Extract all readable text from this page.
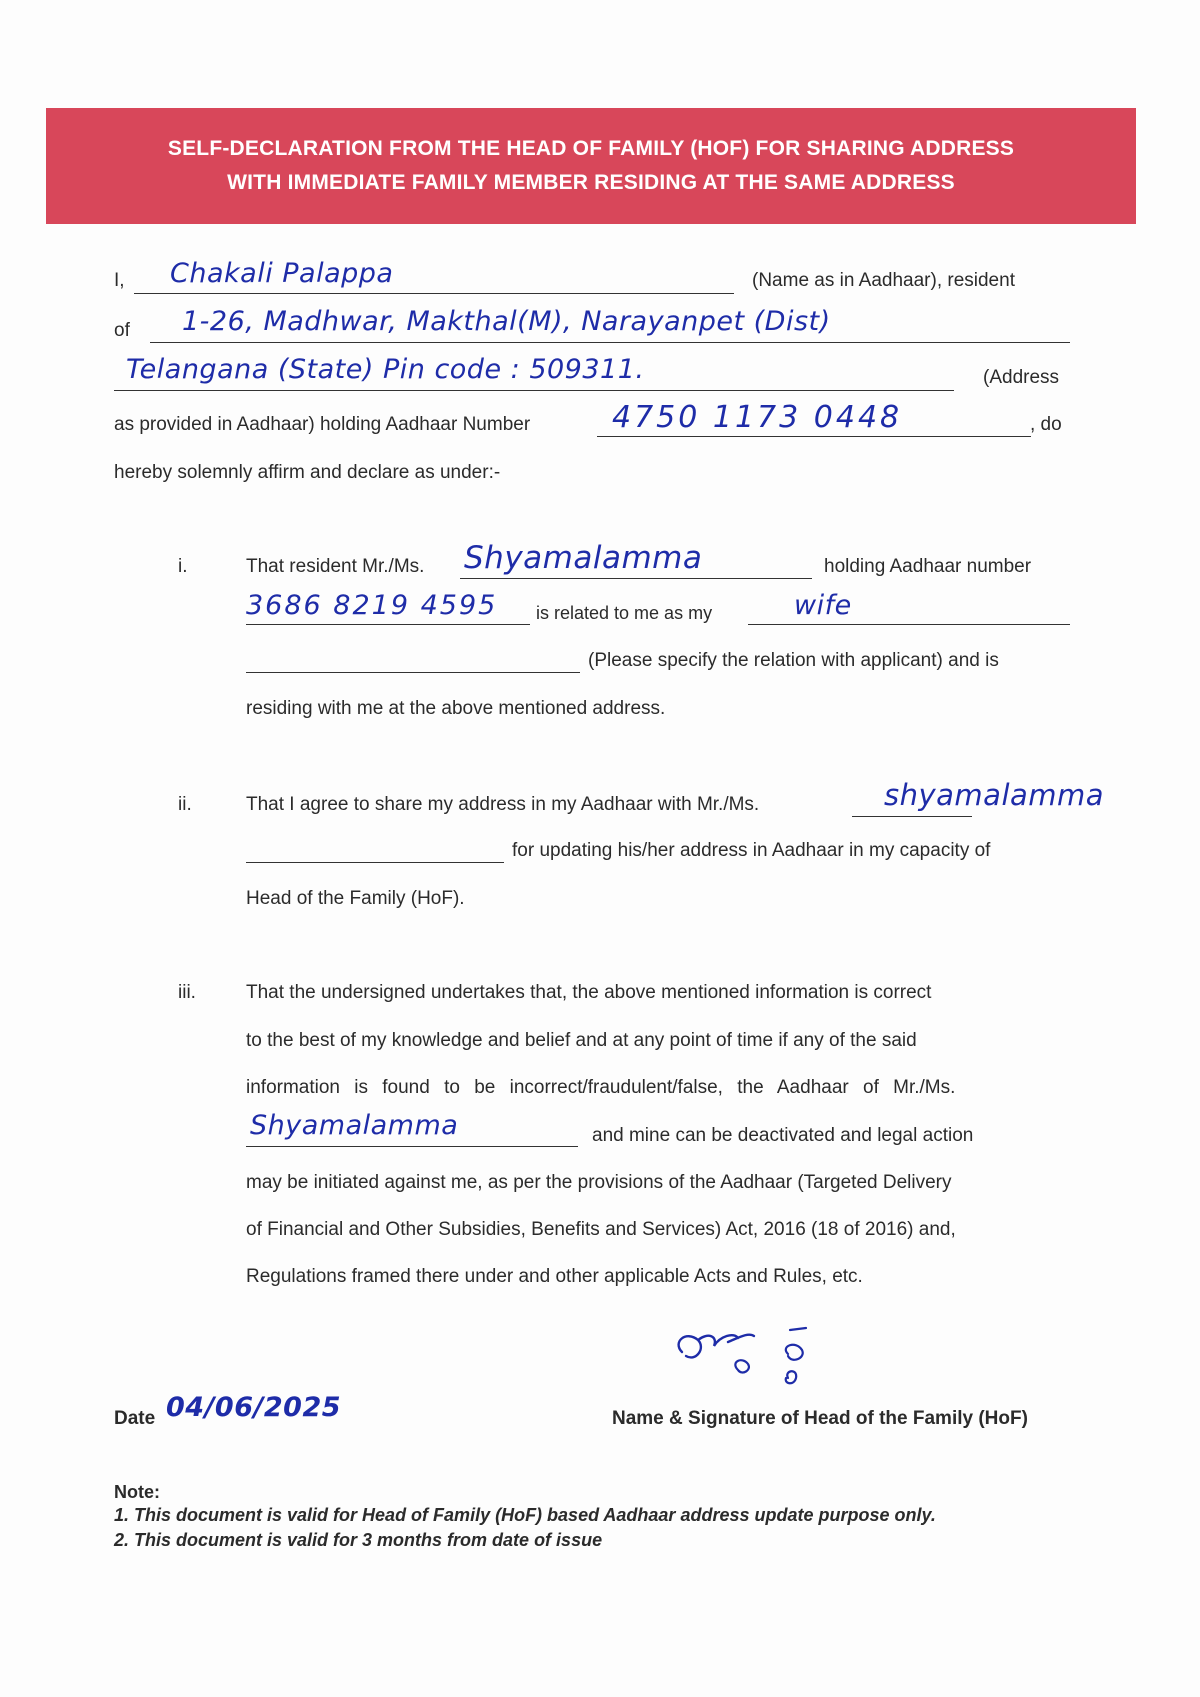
SELF-DECLARATION FROM THE HEAD OF FAMILY (HOF) FOR SHARING ADDRESS
WITH IMMEDIATE FAMILY MEMBER RESIDING AT THE SAME ADDRESS
I, Chakali Palappa	(Name as in Aadhaar), resident
of 1-26, Madhwar, Makthal(M), Narayanpet (Dist)
Telangana (State) Pin code : 509311.	(Address
as provided in Aadhaar) holding Aadhaar Number	4750 1173 0448	, do
hereby solemnly affirm and declare as under:-
i.	That resident Mr./Ms. Shyamalamma	holding Aadhaar number
3686 8219 4595 is related to me as my	wife
(Please specify the relation with applicant) and is
residing with me at the above mentioned address.
ii.	That I agree to share my address in my Aadhaar with Mr./Ms.	shyamalamma
for updating his/her address in Aadhaar in my capacity of
Head of the Family (HoF).
iii.	That the undersigned undertakes that, the above mentioned information is correct
to the best of my knowledge and belief and at any point of time if any of the said
information is found to be incorrect/fraudulent/false, the Aadhaar of Mr./Ms.
Shyamalamma	and mine can be deactivated and legal action
may be initiated against me, as per the provisions of the Aadhaar (Targeted Delivery
of Financial and Other Subsidies, Benefits and Services) Act, 2016 (18 of 2016) and,
Regulations framed there under and other applicable Acts and Rules, etc.
Date 04/06/2025	Name & Signature of Head of the Family (HoF)
Note:
1. This document is valid for Head of Family (HoF) based Aadhaar address update purpose only.
2. This document is valid for 3 months from date of issue
